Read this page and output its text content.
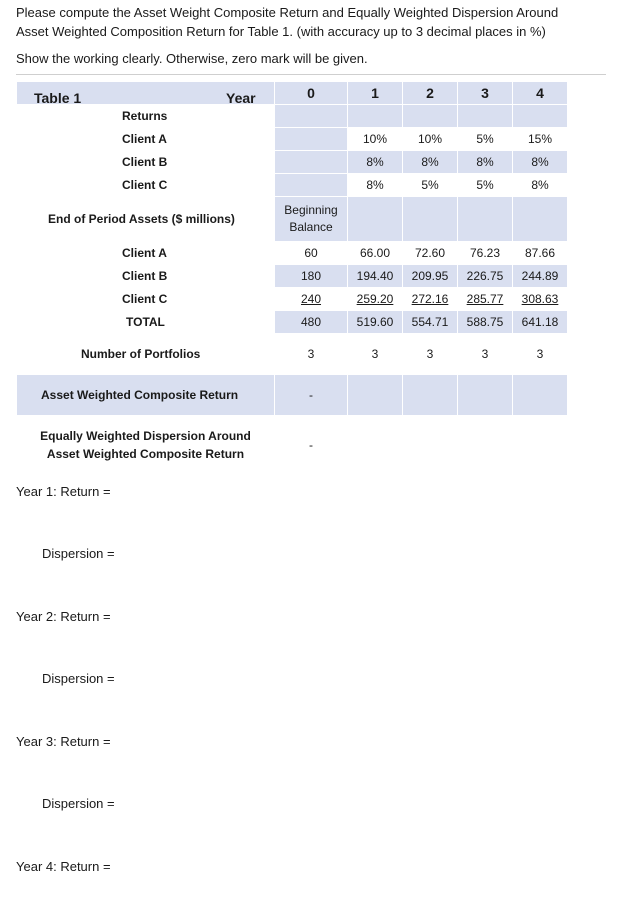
Please compute the Asset Weight Composite Return and Equally Weighted Dispersion Around

Asset Weighted Composition Return for Table 1. (with accuracy up to 3 decimal places in %)

Show the working clearly. Otherwise, zero mark will be given.
Table 1 Year	0	1	2	3	4
Returns					
Client A		10%	10%	5%	15%
Client B		8%	8%	8%	8%
Client C		8%	5%	5%	8%
End of Period Assets ($ millions)	Beginning
Balance				

Client A	60	66.00	72.60	76.23	87.66
Client B	180	194.40	209.95	226.75	244.89
Client C	240	259.20	272.16	285.77	308.63
TOTAL	480	519.60	554.71	588.75	641.18
Number of Portfolios	3	3	3	3	3
Asset Weighted Composite Return	-				

Equally Weighted Dispersion Around
Asset Weighted Composite Return	-				
Year 1: Return =
Dispersion =
Year 2: Return =
Dispersion =
Year 3: Return =
Dispersion =
Year 4: Return =
